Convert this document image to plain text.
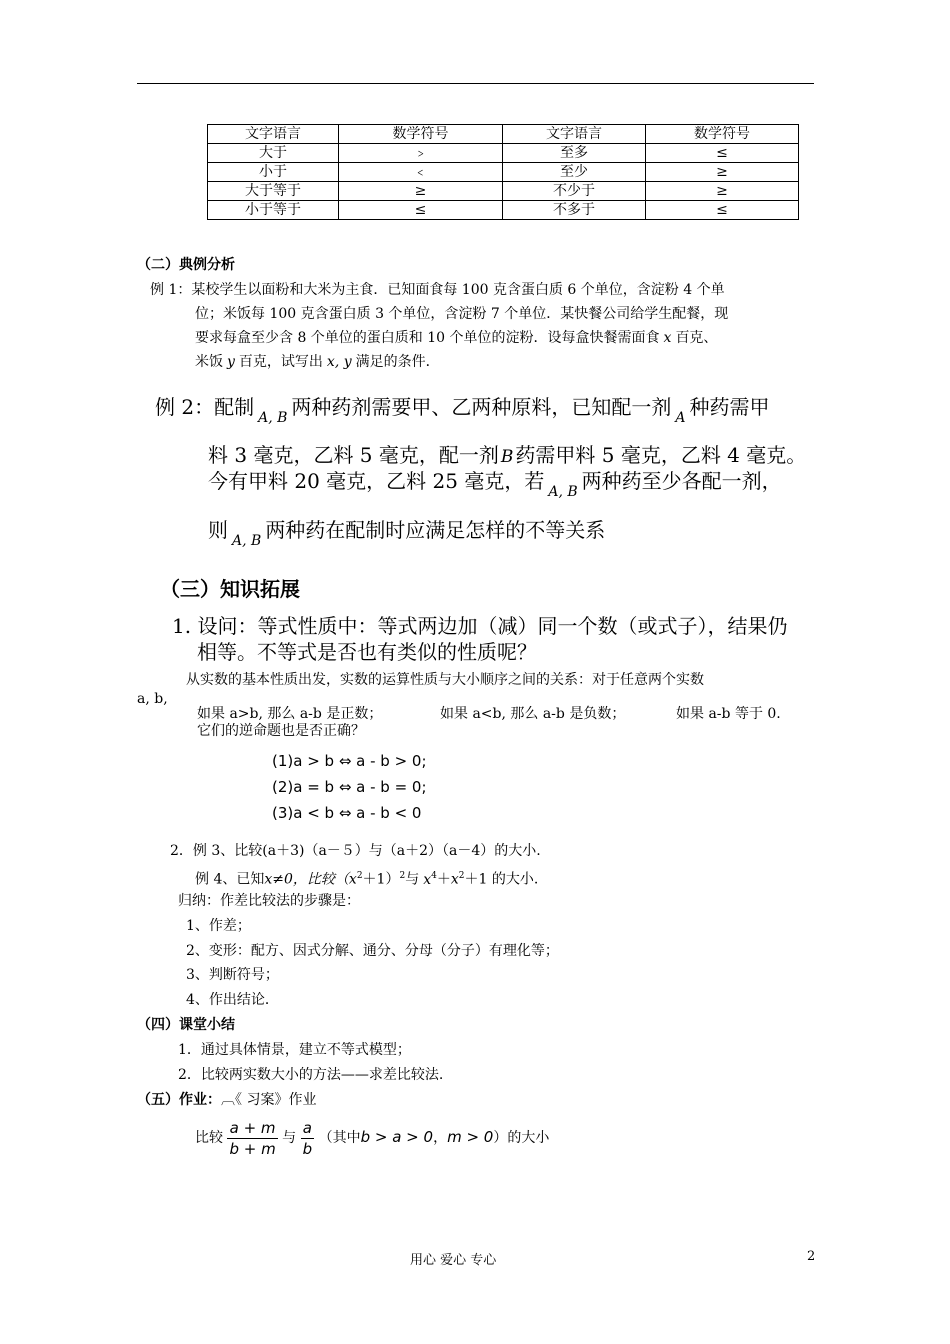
文字语言	数学符号	文字语言	数学符号
大于	﹥	至多	≤
小于	﹤	至少	≥
大于等于	≥	不少于	≥
小于等于	≤	不多于	≤
（二）典例分析
例 1：某校学生以面粉和大米为主食．已知面食每 100 克含蛋白质 6 个单位，含淀粉 4 个单
位；米饭每 100 克含蛋白质 3 个单位，含淀粉 7 个单位．某快餐公司给学生配餐，现
要求每盒至少含 8 个单位的蛋白质和 10 个单位的淀粉．设每盒快餐需面食 x 百克、
米饭 y 百克，试写出 x, y 满足的条件．
例 2：配制 $_{A, B}$ 两种药剂需要甲、乙两种原料，已知配一剂 $_A$ 种药需甲
料 3 毫克，乙料 5 毫克，配一剂 B 药需甲料 5 毫克，乙料 4 毫克。
今有甲料 20 毫克，乙料 25 毫克，若 $_{A, B}$ 两种药至少各配一剂，
则 $_{A, B}$ 两种药在配制时应满足怎样的不等关系
（三）知识拓展
1. 设问：等式性质中：等式两边加（减）同一个数（或式子），结果仍
相等。不等式是否也有类似的性质呢？
从实数的基本性质出发，实数的运算性质与大小顺序之间的关系：对于任意两个实数
a, b,
如果 a>b, 那么 a-b 是正数；	如果 a<b, 那么 a-b 是负数；	如果 a-b 等于 0.
它们的逆命题也是否正确？
(1)a > b ⇔ a - b > 0;
(2)a = b ⇔ a - b = 0;
(3)a < b ⇔ a - b < 0
2．例 3、比较(a＋3)（a－５）与（a＋2）（a－4）的大小.
例 4、已知x≠0，比较$(x^2+1)^2$与 $x^4+x^2+1$ 的大小.
归纳：作差比较法的步骤是：
1、作差；
2、变形：配方、因式分解、通分、分母（分子）有理化等；
3、判断符号；
4、作出结论．
（四）课堂小结
1．通过具体情景，建立不等式模型；
2．比较两实数大小的方法——求差比较法.
（五）作业：︹《 习案》作业
比较 $\frac{a + m}{b + m}$ 与 $\frac{a}{b}$ （其中b > a > 0，m > 0）的大小
用心 爱心 专心	2
